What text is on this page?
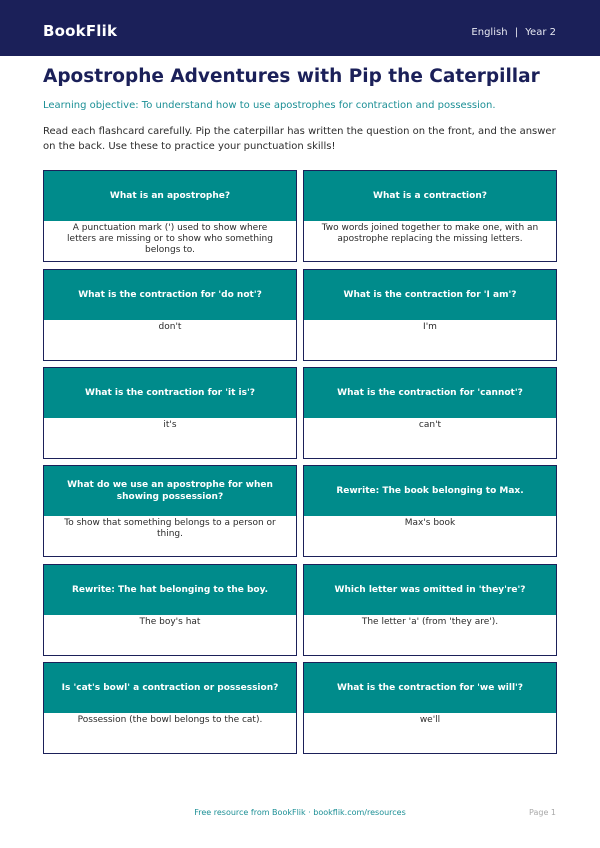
BookFlik	English | Year 2
Apostrophe Adventures with Pip the Caterpillar
Learning objective: To understand how to use apostrophes for contraction and possession.
Read each flashcard carefully. Pip the caterpillar has written the question on the front, and the answer on the back. Use these to practice your punctuation skills!
What is an apostrophe?
A punctuation mark (') used to show where letters are missing or to show who something belongs to.
What is a contraction?
Two words joined together to make one, with an apostrophe replacing the missing letters.
What is the contraction for 'do not'?
don't
What is the contraction for 'I am'?
I'm
What is the contraction for 'it is'?
it's
What is the contraction for 'cannot'?
can't
What do we use an apostrophe for when showing possession?
To show that something belongs to a person or thing.
Rewrite: The book belonging to Max.
Max's book
Rewrite: The hat belonging to the boy.
The boy's hat
Which letter was omitted in 'they're'?
The letter 'a' (from 'they are').
Is 'cat's bowl' a contraction or possession?
Possession (the bowl belongs to the cat).
What is the contraction for 'we will'?
we'll
Free resource from BookFlik · bookflik.com/resources	Page 1
